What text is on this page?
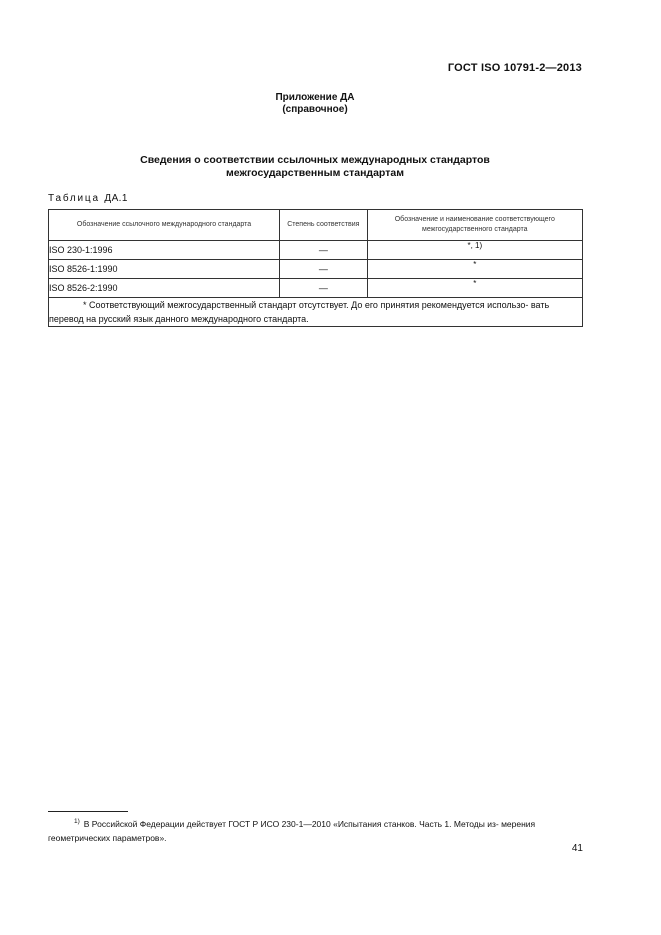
ГОСТ ISO 10791-2—2013
Приложение ДА
(справочное)
Сведения о соответствии ссылочных международных стандартов
межгосударственным стандартам
Таблица ДА.1
Обозначение ссылочного международного стандарта	Степень соответствия	Обозначение и наименование соответствующего межгосударственного стандарта
ISO 230-1:1996	—	*, 1)
ISO 8526-1:1990	—	*
ISO 8526-2:1990	—	*
* Соответствующий межгосударственный стандарт отсутствует. До его принятия рекомендуется использо- вать перевод на русский язык данного международного стандарта.		
$^{1)}$ В Российской Федерации действует ГОСТ Р ИСО 230-1—2010 «Испытания станков. Часть 1. Методы из- мерения геометрических параметров».
41
